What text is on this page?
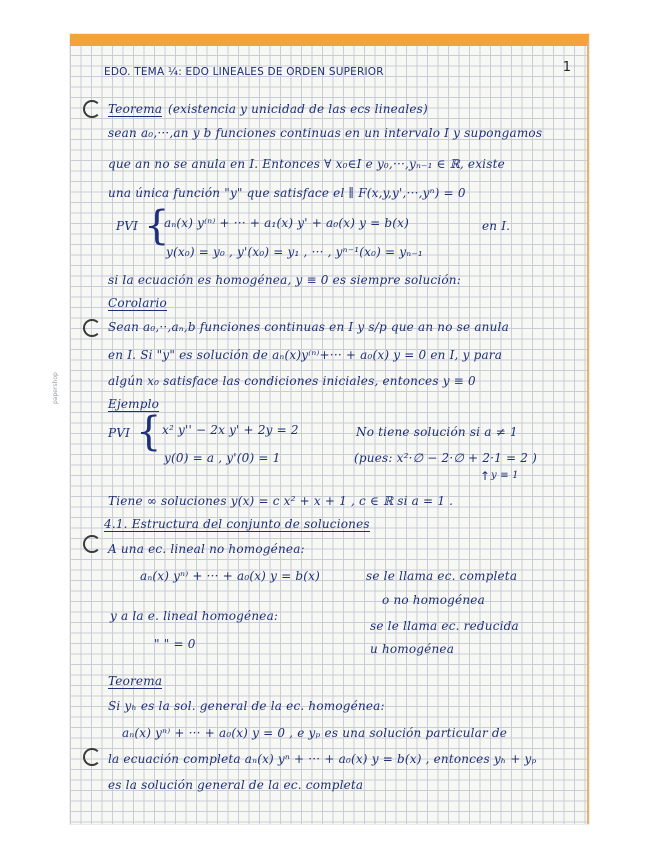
EDO. TEMA ¼: EDO LINEALES DE ORDEN SUPERIOR	1
Teorema (existencia y unicidad de las ecs lineales)
sean a₀,···,an y b funciones continuas en un intervalo I y supongamos
que an no se anula en I. Entonces ∀ x₀∈I e y₀,···,yₙ₋₁ ∈ ℝ, existe
una única función "y" que satisface el ∥ F(x,y,y',···,yⁿ) = 0
PVI {
aₙ(x) y⁽ⁿ⁾ + ··· + a₁(x) y' + a₀(x) y = b(x)	en I.
y(x₀) = y₀ , y'(x₀) = y₁ , ··· , yⁿ⁻¹(x₀) = yₙ₋₁
si la ecuación es homogénea, y ≡ 0 es siempre solución:
Corolario
Sean a₀,··,aₙ,b funciones continuas en I y s/p que an no se anula
en I. Si "y" es solución de aₙ(x)y⁽ⁿ⁾+··· + a₀(x) y = 0 en I, y para
algún x₀ satisface las condiciones iniciales, entonces y ≡ 0
Ejemplo
PVI { x² y'' − 2x y' + 2y = 2	No tiene solución si a ≠ 1
y(0) = a , y'(0) = 1	(pues: x²·∅ − 2·∅ + 2·1 = 2 )
↑ y ≡ 1
Tiene ∞ soluciones y(x) = c x² + x + 1 , c ∈ ℝ si a = 1 .
4.1. Estructura del conjunto de soluciones
A una ec. lineal no homogénea:
aₙ(x) yⁿ⁾ + ··· + a₀(x) y = b(x)	se le llama ec. completa
o no homogénea
y a la e. lineal homogénea:
se le llama ec. reducida
" " = 0	u homogénea
Teorema
Si yₕ es la sol. general de la ec. homogénea:
aₙ(x) yⁿ⁾ + ··· + a₀(x) y = 0 , e yₚ es una solución particular de
la ecuación completa aₙ(x) yⁿ + ··· + a₀(x) y = b(x) , entonces yₕ + yₚ
es la solución general de la ec. completa
papershop
